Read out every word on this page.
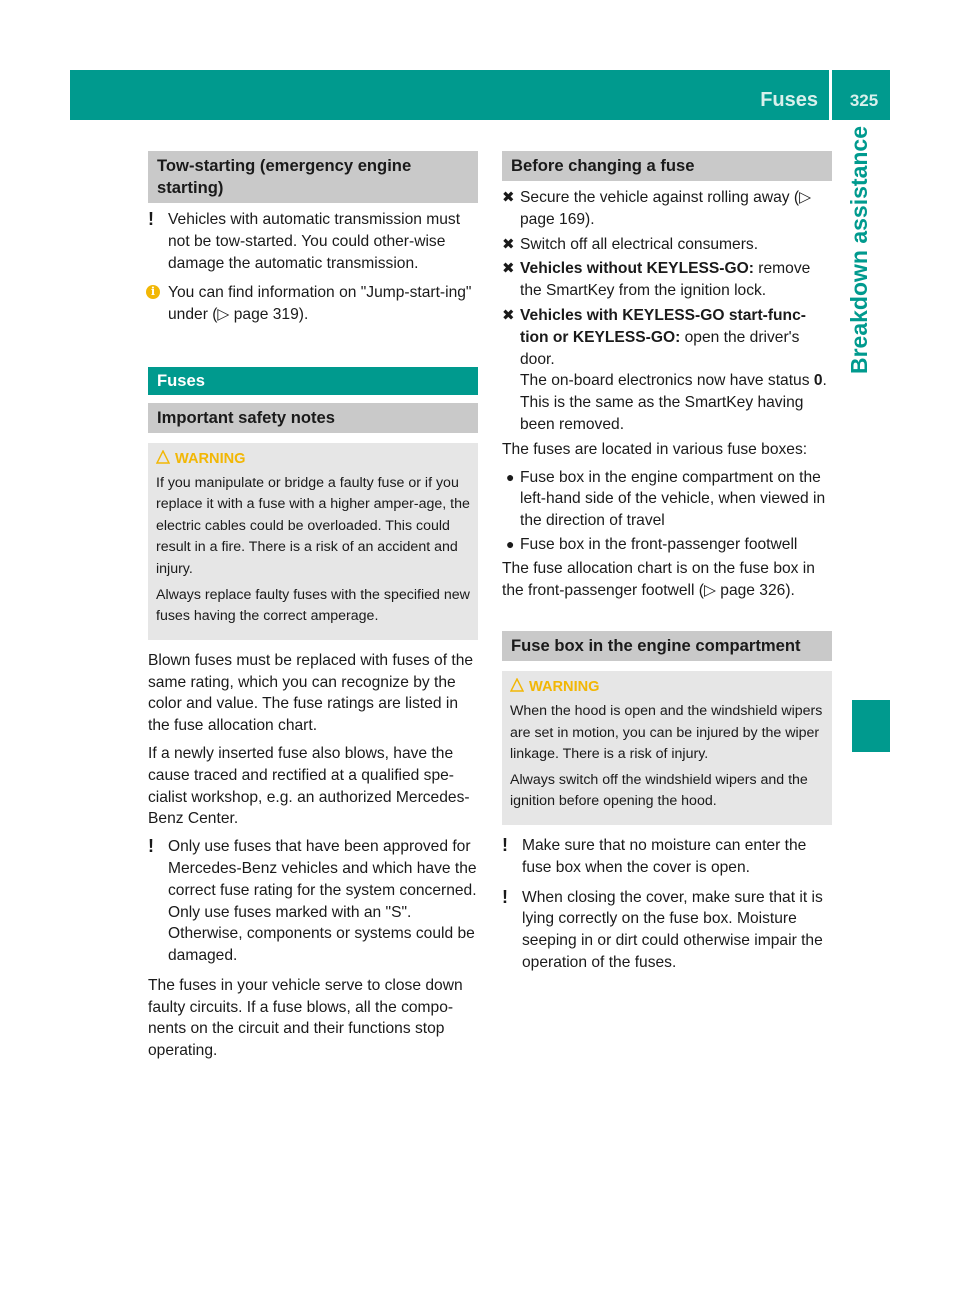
Fuses	325
Breakdown assistance
Tow-starting (emergency engine starting)
! Vehicles with automatic transmission must not be tow-started. You could other-wise damage the automatic transmission.
i You can find information on "Jump-start-ing" under (▷ page 319).
Fuses
Important safety notes
WARNING

If you manipulate or bridge a faulty fuse or if you replace it with a fuse with a higher amper-age, the electric cables could be overloaded. This could result in a fire. There is a risk of an accident and injury.

Always replace faulty fuses with the specified new fuses having the correct amperage.

Blown fuses must be replaced with fuses of the same rating, which you can recognize by the color and value. The fuse ratings are listed in the fuse allocation chart.

If a newly inserted fuse also blows, have the cause traced and rectified at a qualified spe-cialist workshop, e.g. an authorized Mercedes-Benz Center.

! Only use fuses that have been approved for Mercedes-Benz vehicles and which have the correct fuse rating for the system concerned. Only use fuses marked with an "S". Otherwise, components or systems could be damaged.

The fuses in your vehicle serve to close down faulty circuits. If a fuse blows, all the compo-nents on the circuit and their functions stop operating.

Before changing a fuse
✖ Secure the vehicle against rolling away (▷ page 169).
✖ Switch off all electrical consumers.
✖ Vehicles without KEYLESS-GO: remove the SmartKey from the ignition lock.
✖ Vehicles with KEYLESS-GO start-func-tion or KEYLESS-GO: open the driver's door.
The on-board electronics now have status 0. This is the same as the SmartKey having been removed.

The fuses are located in various fuse boxes:

● Fuse box in the engine compartment on the left-hand side of the vehicle, when viewed in the direction of travel
● Fuse box in the front-passenger footwell

The fuse allocation chart is on the fuse box in the front-passenger footwell (▷ page 326).

Fuse box in the engine compartment
WARNING

When the hood is open and the windshield wipers are set in motion, you can be injured by the wiper linkage. There is a risk of injury.

Always switch off the windshield wipers and the ignition before opening the hood.

! Make sure that no moisture can enter the fuse box when the cover is open.
! When closing the cover, make sure that it is lying correctly on the fuse box. Moisture seeping in or dirt could otherwise impair the operation of the fuses.
